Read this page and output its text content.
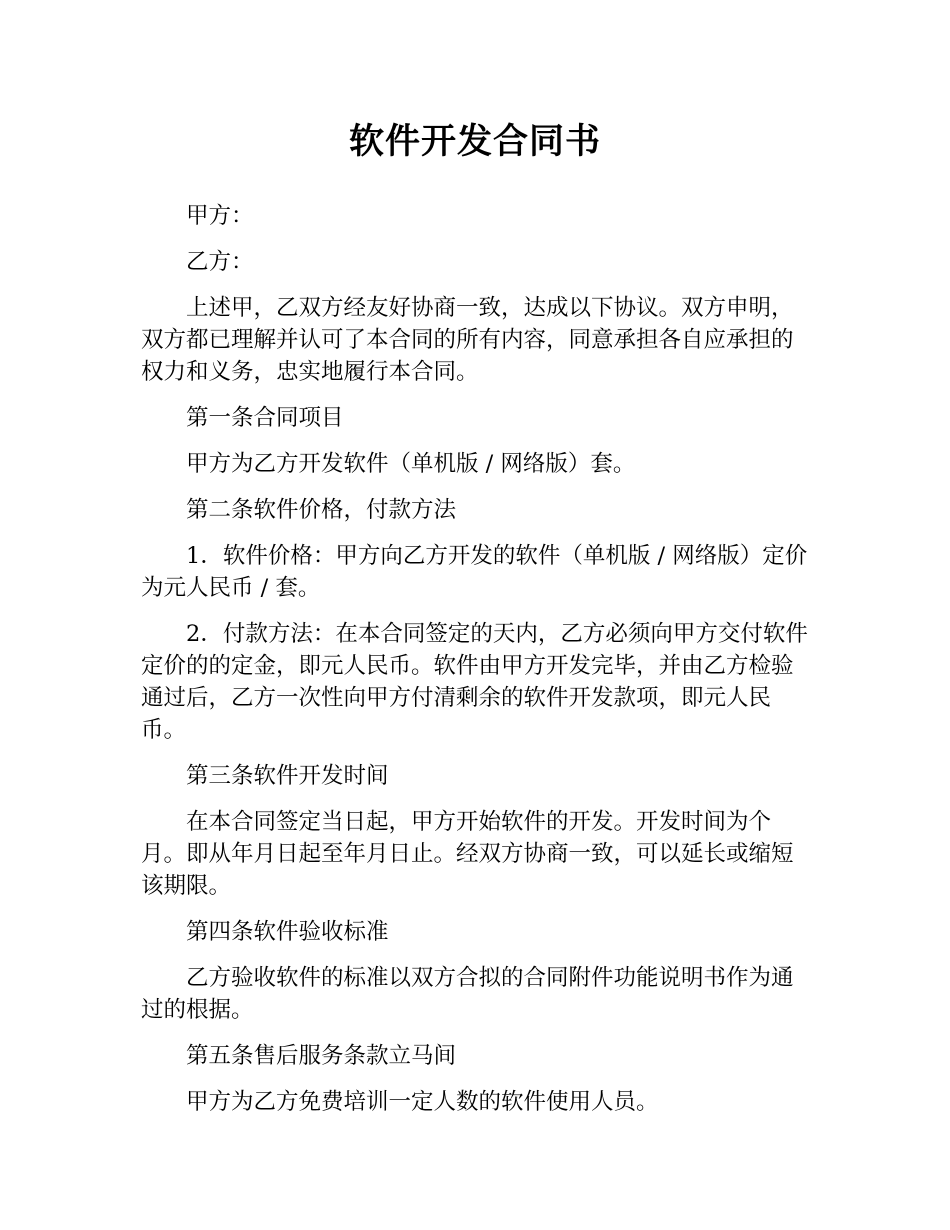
软件开发合同书

甲方：

乙方：

上述甲，乙双方经友好协商一致，达成以下协议。双方申明，双方都已理解并认可了本合同的所有内容，同意承担各自应承担的权力和义务，忠实地履行本合同。

第一条合同项目

甲方为乙方开发软件（单机版 / 网络版）套。

第二条软件价格，付款方法

1．软件价格：甲方向乙方开发的软件（单机版 / 网络版）定价为元人民币 / 套。

2．付款方法：在本合同签定的天内，乙方必须向甲方交付软件定价的的定金，即元人民币。软件由甲方开发完毕，并由乙方检验通过后，乙方一次性向甲方付清剩余的软件开发款项，即元人民币。

第三条软件开发时间

在本合同签定当日起，甲方开始软件的开发。开发时间为个月。即从年月日起至年月日止。经双方协商一致，可以延长或缩短该期限。

第四条软件验收标准

乙方验收软件的标准以双方合拟的合同附件功能说明书作为通过的根据。

第五条售后服务条款立马间

甲方为乙方免费培训一定人数的软件使用人员。
